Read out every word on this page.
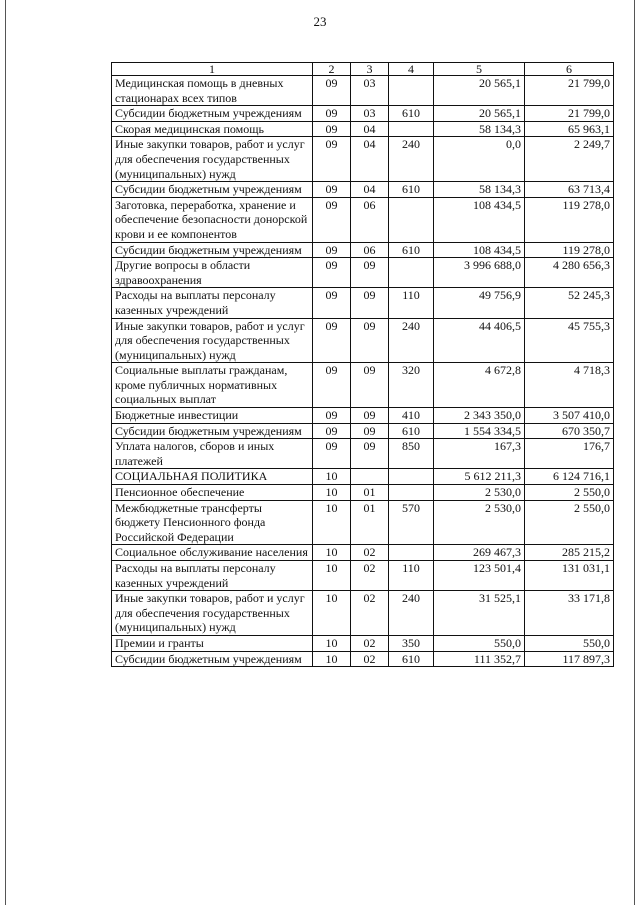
23
1	2	3	4	5	6
Медицинская помощь в дневных стационарах всех типов	09	03		20 565,1	21 799,0
Субсидии бюджетным учреждениям	09	03	610	20 565,1	21 799,0
Скорая медицинская помощь	09	04		58 134,3	65 963,1
Иные закупки товаров, работ и услуг для обеспечения государственных (муниципальных) нужд	09	04	240	0,0	2 249,7
Субсидии бюджетным учреждениям	09	04	610	58 134,3	63 713,4
Заготовка, переработка, хранение и обеспечение безопасности донорской крови и ее компонентов	09	06		108 434,5	119 278,0
Субсидии бюджетным учреждениям	09	06	610	108 434,5	119 278,0
Другие вопросы в области здравоохранения	09	09		3 996 688,0	4 280 656,3
Расходы на выплаты персоналу казенных учреждений	09	09	110	49 756,9	52 245,3
Иные закупки товаров, работ и услуг для обеспечения государственных (муниципальных) нужд	09	09	240	44 406,5	45 755,3
Социальные выплаты гражданам, кроме публичных нормативных социальных выплат	09	09	320	4 672,8	4 718,3
Бюджетные инвестиции	09	09	410	2 343 350,0	3 507 410,0
Субсидии бюджетным учреждениям	09	09	610	1 554 334,5	670 350,7
Уплата налогов, сборов и иных платежей	09	09	850	167,3	176,7
СОЦИАЛЬНАЯ ПОЛИТИКА	10			5 612 211,3	6 124 716,1
Пенсионное обеспечение	10	01		2 530,0	2 550,0
Межбюджетные трансферты бюджету Пенсионного фонда Российской Федерации	10	01	570	2 530,0	2 550,0
Социальное обслуживание населения	10	02		269 467,3	285 215,2
Расходы на выплаты персоналу казенных учреждений	10	02	110	123 501,4	131 031,1
Иные закупки товаров, работ и услуг для обеспечения государственных (муниципальных) нужд	10	02	240	31 525,1	33 171,8
Премии и гранты	10	02	350	550,0	550,0
Субсидии бюджетным учреждениям	10	02	610	111 352,7	117 897,3
